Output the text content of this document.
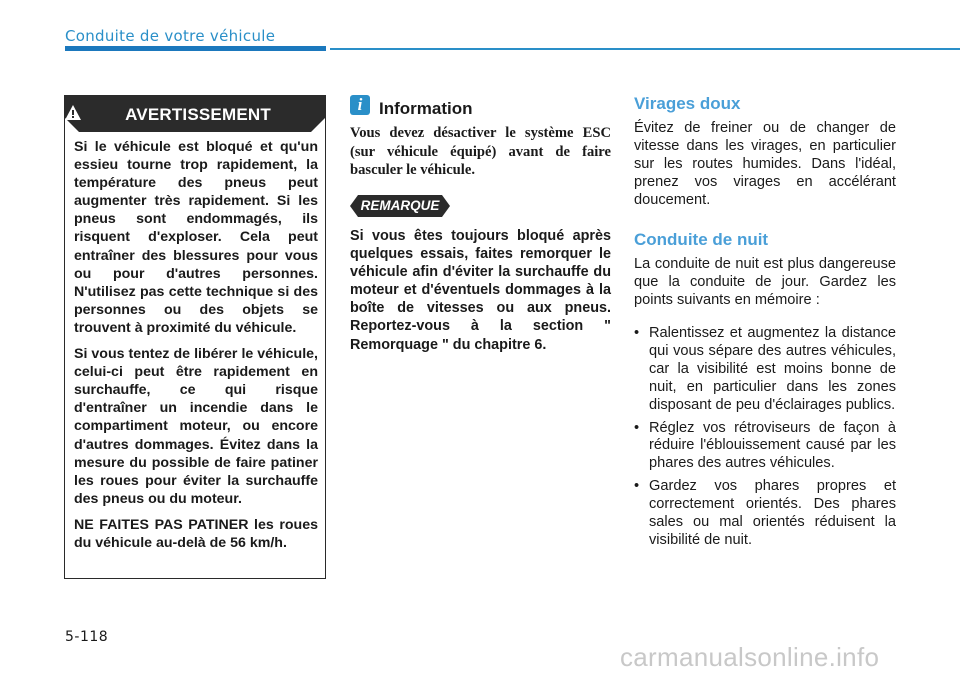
Conduite de votre véhicule
AVERTISSEMENT

Si le véhicule est bloqué et qu'un essieu tourne trop rapidement, la température des pneus peut augmenter très rapidement. Si les pneus sont endommagés, ils risquent d'exploser. Cela peut entraîner des blessures pour vous ou pour d'autres personnes. N'utilisez pas cette technique si des personnes ou des objets se trouvent à proximité du véhicule.

Si vous tentez de libérer le véhicule, celui-ci peut être rapidement en surchauffe, ce qui risque d'entraîner un incendie dans le compartiment moteur, ou encore d'autres dommages. Évitez dans la mesure du possible de faire patiner les roues pour éviter la surchauffe des pneus ou du moteur.

NE FAITES PAS PATINER les roues du véhicule au-delà de 56 km/h.

i Information
Vous devez désactiver le système ESC (sur véhicule équipé) avant de faire basculer le véhicule.
REMARQUE
Si vous êtes toujours bloqué après quelques essais, faites remorquer le véhicule afin d'éviter la surchauffe du moteur et d'éventuels dommages à la boîte de vitesses ou aux pneus. Reportez-vous à la section " Remorquage " du chapitre 6.
Virages doux
Évitez de freiner ou de changer de vitesse dans les virages, en particulier sur les routes humides. Dans l'idéal, prenez vos virages en accélérant doucement.
Conduite de nuit
La conduite de nuit est plus dangereuse que la conduite de jour. Gardez les points suivants en mémoire :
• Ralentissez et augmentez la distance qui vous sépare des autres véhicules, car la visibilité est moins bonne de nuit, en particulier dans les zones disposant de peu d'éclairages publics.
• Réglez vos rétroviseurs de façon à réduire l'éblouissement causé par les phares des autres véhicules.
• Gardez vos phares propres et correctement orientés. Des phares sales ou mal orientés réduisent la visibilité de nuit.
5-118
carmanualsonline.info
